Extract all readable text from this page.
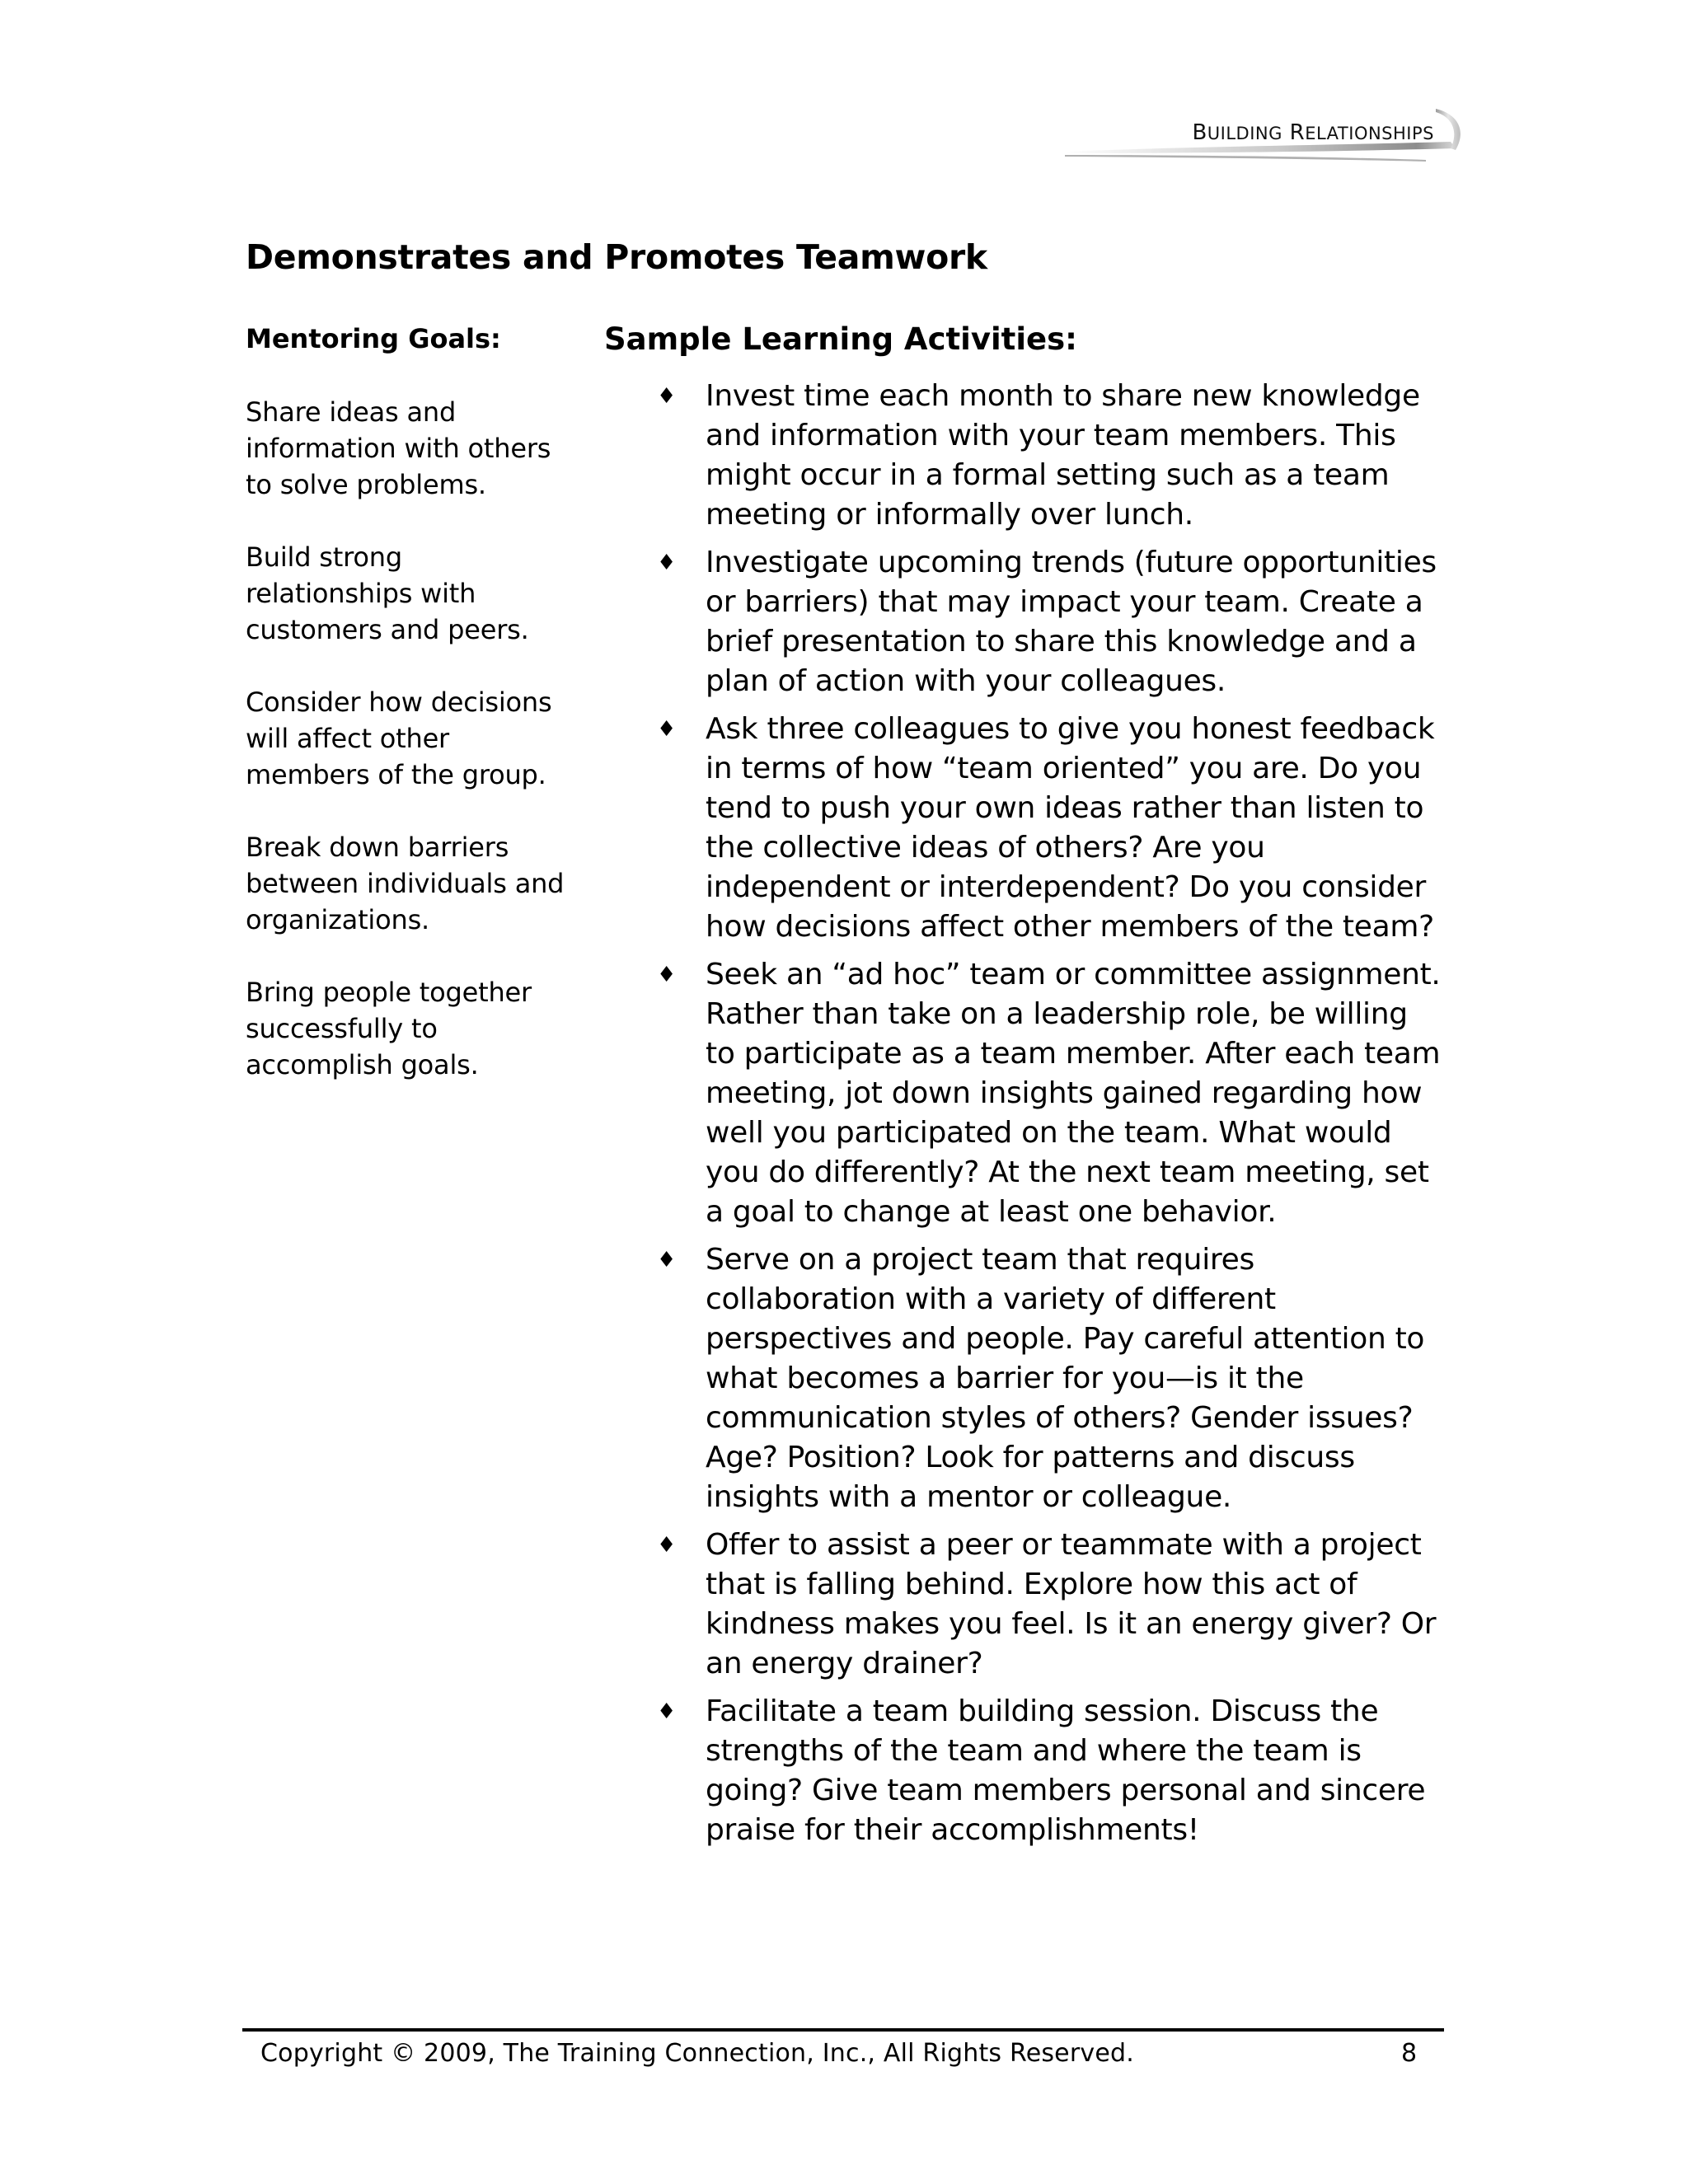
BUILDING RELATIONSHIPS
Demonstrates and Promotes Teamwork
Mentoring Goals:

Share ideas and information with others to solve problems.

Build strong relationships with customers and peers.

Consider how decisions will affect other members of the group.

Break down barriers between individuals and organizations.

Bring people together successfully to accomplish goals.

Sample Learning Activities:
♦ Invest time each month to share new knowledge and information with your team members. This might occur in a formal setting such as a team meeting or informally over lunch.
♦ Investigate upcoming trends (future opportunities or barriers) that may impact your team. Create a brief presentation to share this knowledge and a plan of action with your colleagues.
♦ Ask three colleagues to give you honest feedback in terms of how “team oriented” you are. Do you tend to push your own ideas rather than listen to the collective ideas of others? Are you independent or interdependent? Do you consider how decisions affect other members of the team?
♦ Seek an “ad hoc” team or committee assignment. Rather than take on a leadership role, be willing to participate as a team member. After each team meeting, jot down insights gained regarding how well you participated on the team. What would you do differently? At the next team meeting, set a goal to change at least one behavior.
♦ Serve on a project team that requires collaboration with a variety of different perspectives and people. Pay careful attention to what becomes a barrier for you—is it the communication styles of others? Gender issues? Age? Position? Look for patterns and discuss insights with a mentor or colleague.
♦ Offer to assist a peer or teammate with a project that is falling behind. Explore how this act of kindness makes you feel. Is it an energy giver? Or an energy drainer?
♦ Facilitate a team building session. Discuss the strengths of the team and where the team is going? Give team members personal and sincere praise for their accomplishments!
Copyright © 2009, The Training Connection, Inc., All Rights Reserved.	8
